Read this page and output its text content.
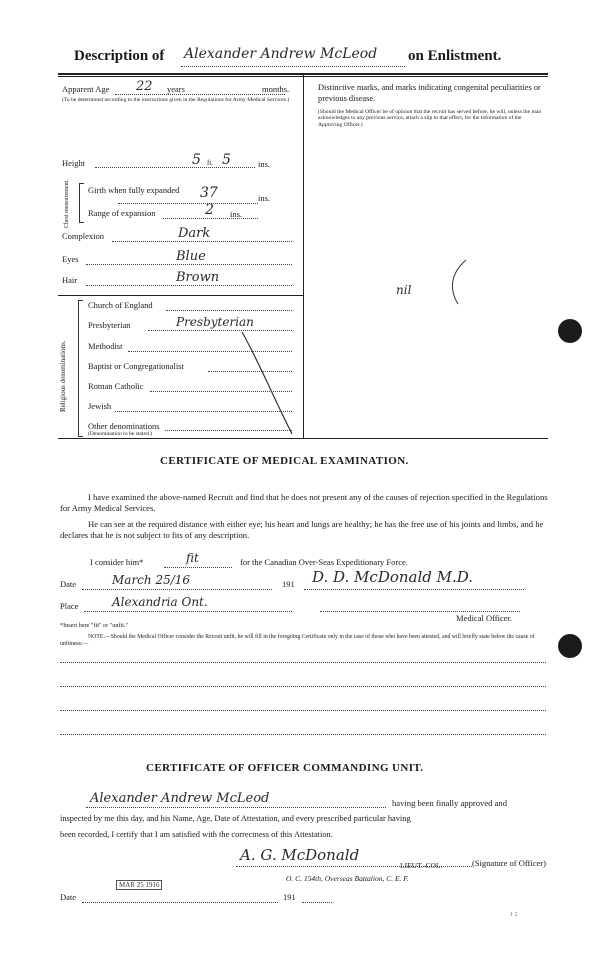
Description of Alexander Andrew McLeod on Enlistment.
Apparent Age 22 years	months.
(To be determined according to the instructions given in the Regulations for Army Medical Services.)
Height	5 ft. 5	ins.
Chest measurement. Girth when fully expanded	37	ins.
Range of expansion	2 ins.
Complexion	Dark
Eyes	Blue
Hair	Brown
Religious denominations.
Church of England
Presbyterian	Presbyterian
Methodist
Baptist or Congregationalist
Roman Catholic
Jewish
Other denominations
(Denomination to be stated.)
Distinctive marks, and marks indicating congenital peculiarities or previous disease.
(Should the Medical Officer be of opinion that the recruit has served before, he will, unless the man acknowledges to any previous service, attach a slip to that effect, for the information of the Approving Officer.)
nil
CERTIFICATE OF MEDICAL EXAMINATION.
I have examined the above-named Recruit and find that he does not present any of the causes of rejection specified in the Regulations for Army Medical Services.
He can see at the required distance with either eye; his heart and lungs are healthy; he has the free use of his joints and limbs, and he declares that he is not subject to fits of any description.
I consider him*	fit	for the Canadian Over-Seas Expeditionary Force.
Date	March 25/16	191 D. D. McDonald M.D.
Place	Alexandria Ont.
Medical Officer.
*Insert here "fit" or "unfit."
NOTE.—Should the Medical Officer consider the Recruit unfit, he will fill in the foregoing Certificate only in the case of those who have been attested, and will briefly state below the cause of unfitness:—
CERTIFICATE OF OFFICER COMMANDING UNIT.
Alexander Andrew McLeod	having been finally approved and
inspected by me this day, and his Name, Age, Date of Attestation, and every prescribed particular having
been recorded, I certify that I am satisfied with the correctness of this Attestation.
A. G. McDonald
LIEUT.-COL.	(Signature of Officer)
O. C. 154th, Overseas Battalion, C. E. F.
MAR 25 1916
Date	191
1 2
